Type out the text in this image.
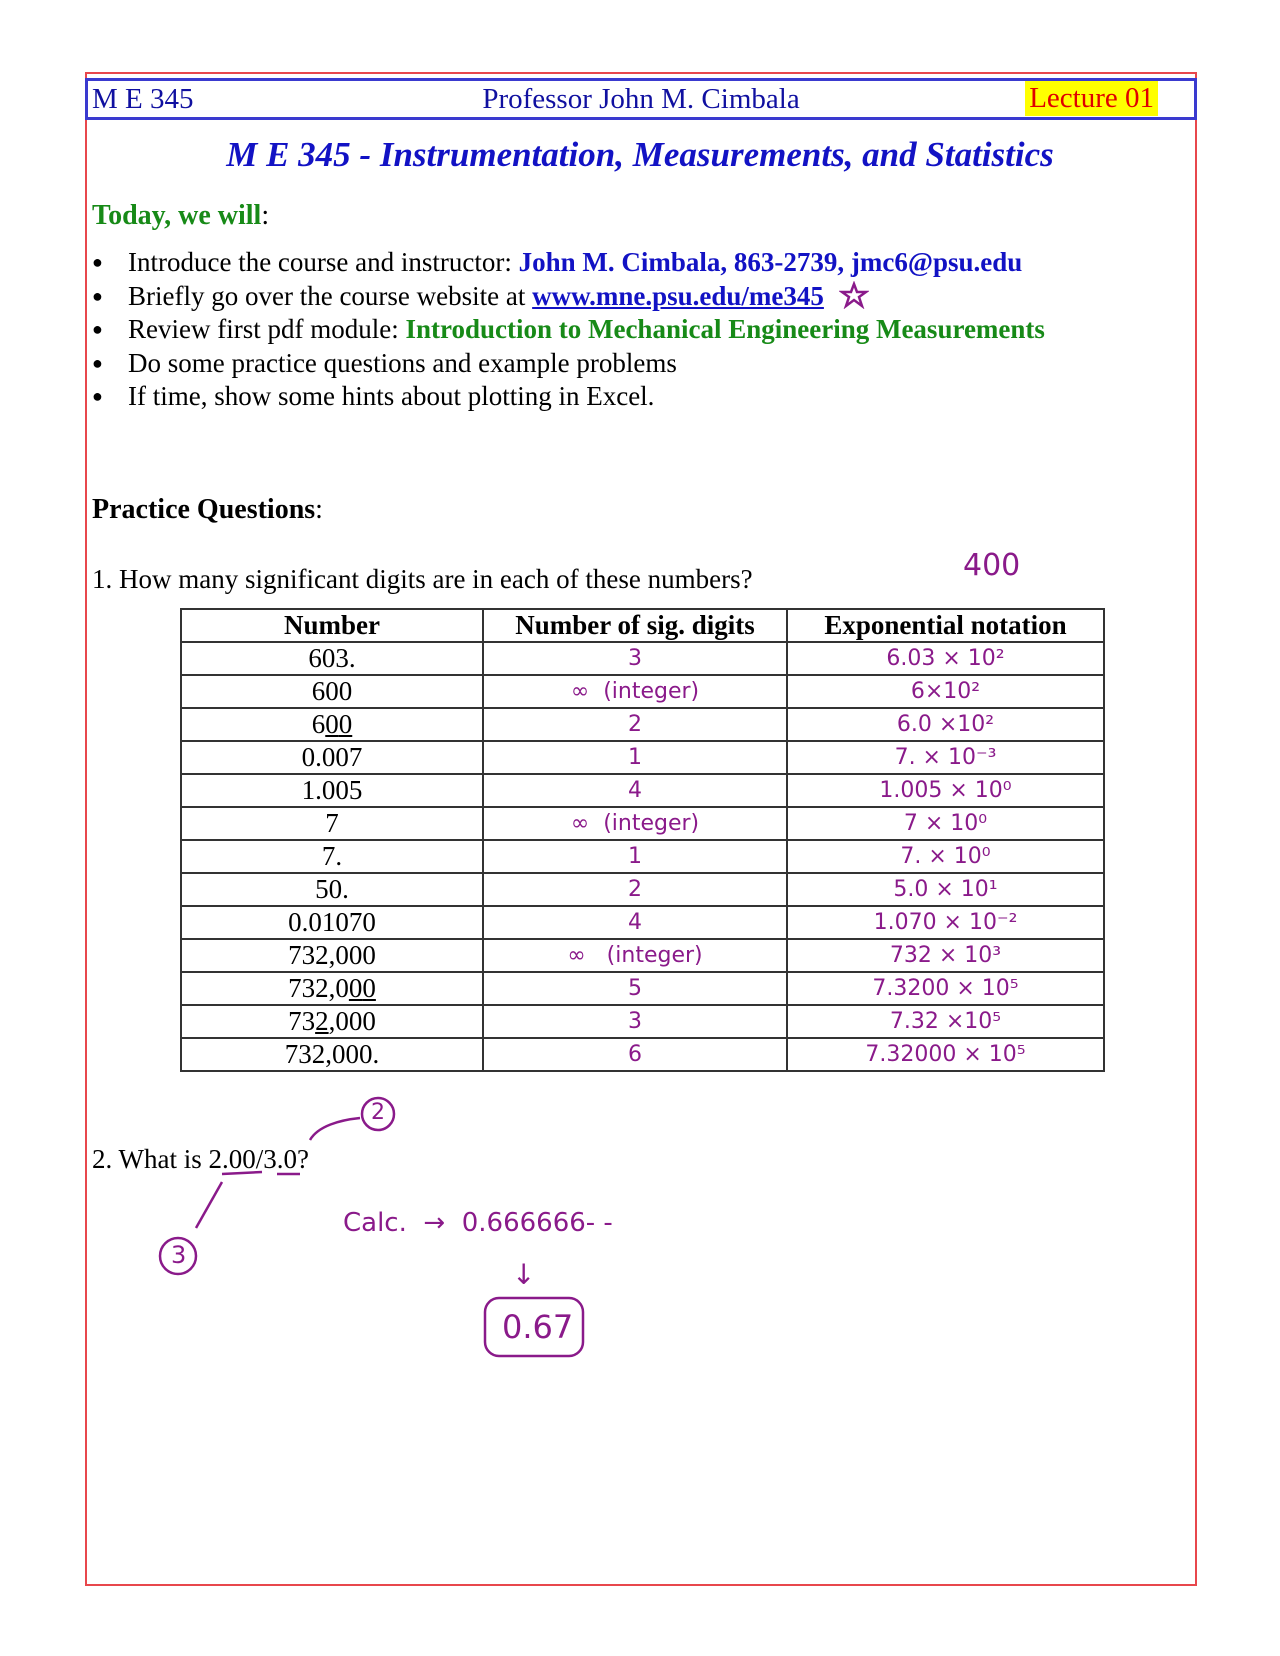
M E 345	Professor John M. Cimbala	Lecture 01
M E 345 - Instrumentation, Measurements, and Statistics
Today, we will:
● Introduce the course and instructor: John M. Cimbala, 863-2739, jmc6@psu.edu
● Briefly go over the course website at www.mne.psu.edu/me345
● Review first pdf module: Introduction to Mechanical Engineering Measurements
● Do some practice questions and example problems
● If time, show some hints about plotting in Excel.
Practice Questions:
1. How many significant digits are in each of these numbers?	400
Number	Number of sig. digits	Exponential notation
603.	3	6.03 × 10²
600	∞  (integer)	6×10²
600	2	6.0 ×10²
0.007	1	7. × 10⁻³
1.005	4	1.005 × 10⁰
7	∞  (integer)	7 × 10⁰
7.	1	7. × 10⁰
50.	2	5.0 × 10¹
0.01070	4	1.070 × 10⁻²
732,000	∞   (integer)	732 × 10³
732,000	5	7.3200 × 10⁵
732,000	3	7.32 ×10⁵
732,000.	6	7.32000 × 10⁵
2. What is 2.00/3.0?
2
3
Calc.  →  0.666666- -
↓
0.67
